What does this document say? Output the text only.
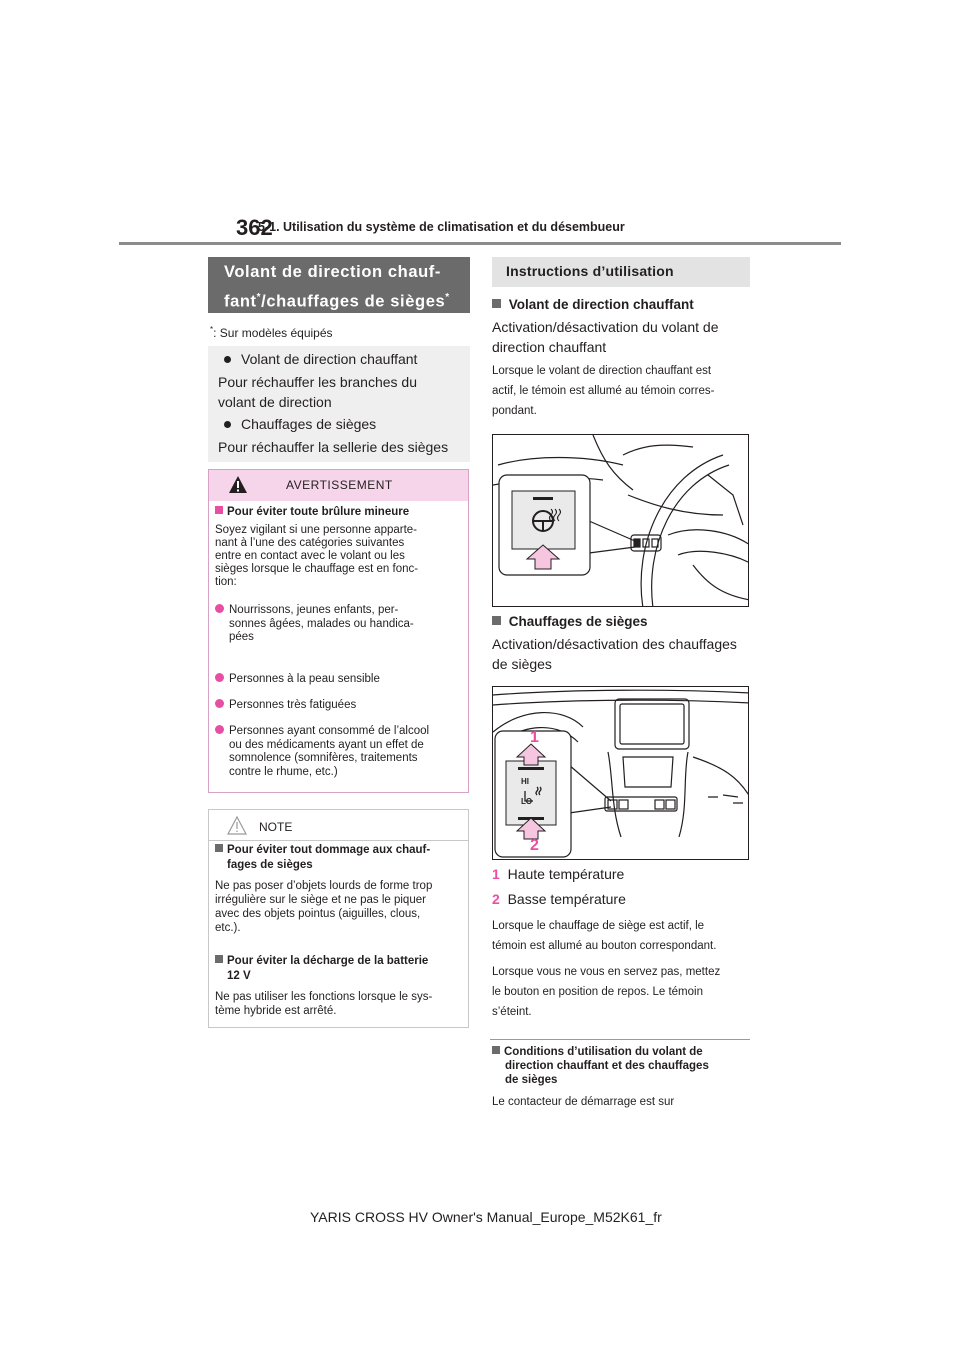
362
5-1. Utilisation du système de climatisation et du désembueur
Volant de direction chauf-
fant*/chauffages de sièges*
*: Sur modèles équipés
Volant de direction chauffant
Pour réchauffer les branches du
volant de direction
Chauffages de sièges
Pour réchauffer la sellerie des sièges
AVERTISSEMENT
Pour éviter toute brûlure mineure
Soyez vigilant si une personne apparte-
nant à l’une des catégories suivantes
entre en contact avec le volant ou les
sièges lorsque le chauffage est en fonc-
tion:
Nourrissons, jeunes enfants, per-
sonnes âgées, malades ou handica-
pées
Personnes à la peau sensible
Personnes très fatiguées
Personnes ayant consommé de l’alcool
ou des médicaments ayant un effet de
somnolence (somnifères, traitements
contre le rhume, etc.)
NOTE
Pour éviter tout dommage aux chauf-
fages de sièges
Ne pas poser d’objets lourds de forme trop
irrégulière sur le siège et ne pas le piquer
avec des objets pointus (aiguilles, clous,
etc.).
Pour éviter la décharge de la batterie
12 V
Ne pas utiliser les fonctions lorsque le sys-
tème hybride est arrêté.
Instructions d’utilisation
Volant de direction chauffant
Activation/désactivation du volant de
direction chauffant
Lorsque le volant de direction chauffant est
actif, le témoin est allumé au témoin corres-
pondant.
Chauffages de sièges
Activation/désactivation des chauffages
de sièges
1
2
HI
LO
1 Haute température
2 Basse température
Lorsque le chauffage de siège est actif, le
témoin est allumé au bouton correspondant.
Lorsque vous ne vous en servez pas, mettez
le bouton en position de repos. Le témoin
s’éteint.
Conditions d’utilisation du volant de
direction chauffant et des chauffages
de sièges
Le contacteur de démarrage est sur
YARIS CROSS HV Owner's Manual_Europe_M52K61_fr
